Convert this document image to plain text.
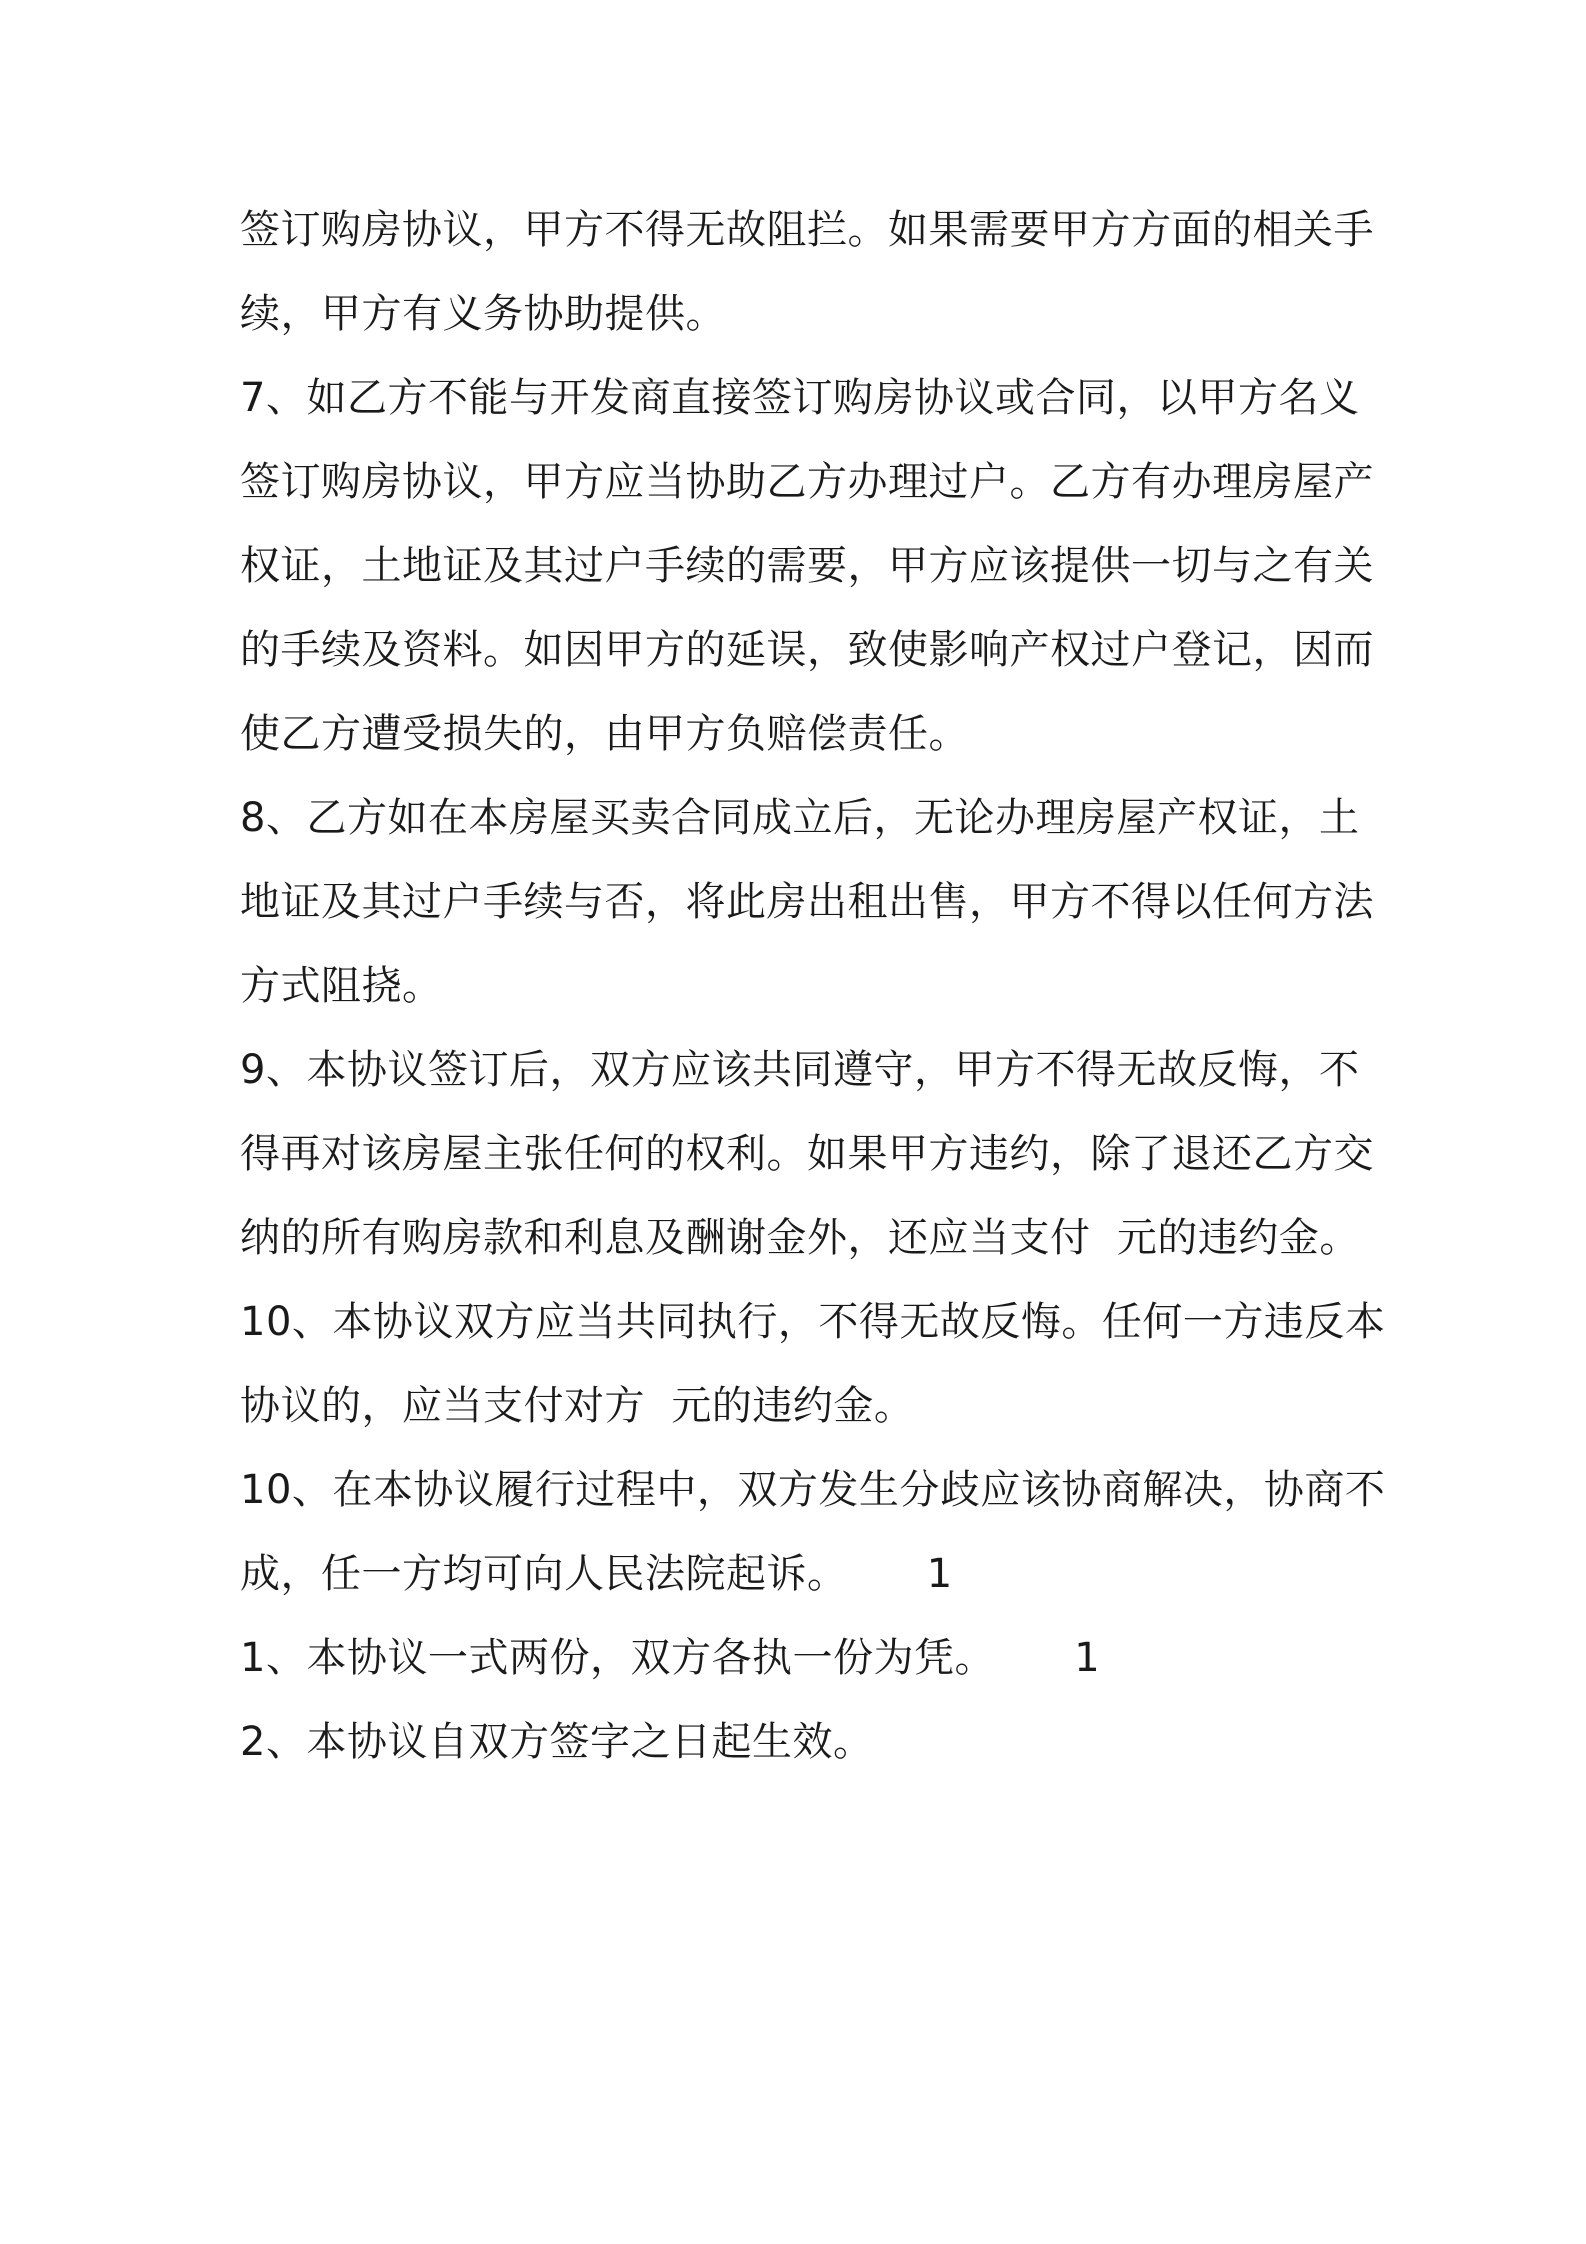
签订购房协议，甲方不得无故阻拦。如果需要甲方方面的相关手
续，甲方有义务协助提供。
7、如乙方不能与开发商直接签订购房协议或合同，以甲方名义
签订购房协议，甲方应当协助乙方办理过户。乙方有办理房屋产
权证，土地证及其过户手续的需要，甲方应该提供一切与之有关
的手续及资料。如因甲方的延误，致使影响产权过户登记，因而
使乙方遭受损失的，由甲方负赔偿责任。
8、乙方如在本房屋买卖合同成立后，无论办理房屋产权证，土
地证及其过户手续与否，将此房出租出售，甲方不得以任何方法
方式阻挠。
9、本协议签订后，双方应该共同遵守，甲方不得无故反悔，不
得再对该房屋主张任何的权利。如果甲方违约，除了退还乙方交
纳的所有购房款和利息及酬谢金外，还应当支付  元的违约金。
10、本协议双方应当共同执行，不得无故反悔。任何一方违反本
协议的，应当支付对方  元的违约金。
10、在本协议履行过程中，双方发生分歧应该协商解决，协商不
成，任一方均可向人民法院起诉。      1
1、本协议一式两份，双方各执一份为凭。      1
2、本协议自双方签字之日起生效。
